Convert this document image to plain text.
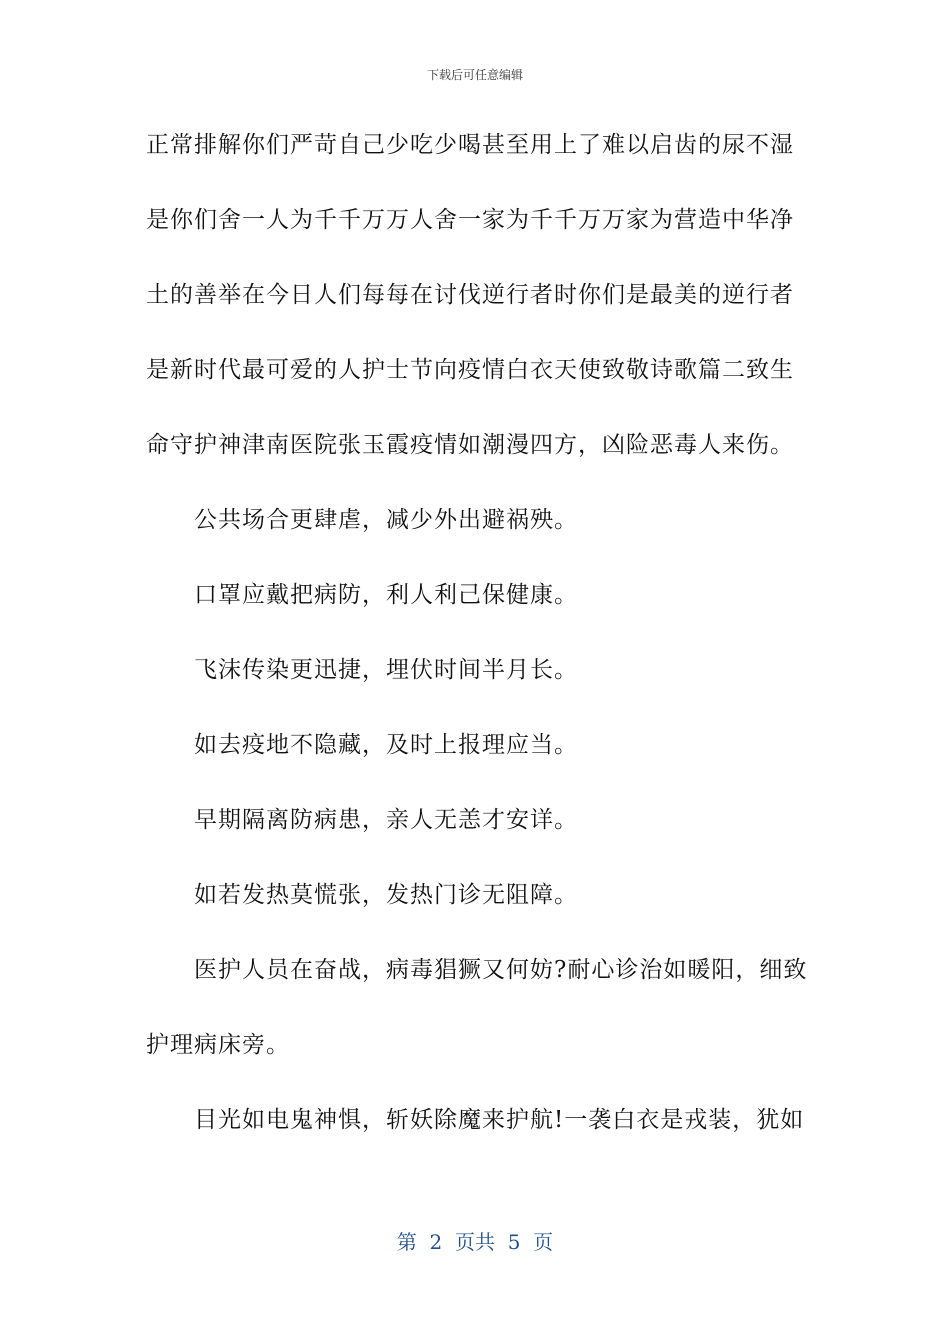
下载后可任意编辑
正常排解你们严苛自己少吃少喝甚至用上了难以启齿的尿不湿
是你们舍一人为千千万万人舍一家为千千万万家为营造中华净
土的善举在今日人们每每在讨伐逆行者时你们是最美的逆行者
是新时代最可爱的人护士节向疫情白衣天使致敬诗歌篇二致生
命守护神津南医院张玉霞疫情如潮漫四方，凶险恶毒人来伤。
公共场合更肆虐，减少外出避祸殃。
口罩应戴把病防，利人利己保健康。
飞沫传染更迅捷，埋伏时间半月长。
如去疫地不隐藏，及时上报理应当。
早期隔离防病患，亲人无恙才安详。
如若发热莫慌张，发热门诊无阻障。
医护人员在奋战，病毒猖獗又何妨?耐心诊治如暖阳，细致
护理病床旁。
目光如电鬼神惧，斩妖除魔来护航!一袭白衣是戎装，犹如
第  2  页共  5  页
